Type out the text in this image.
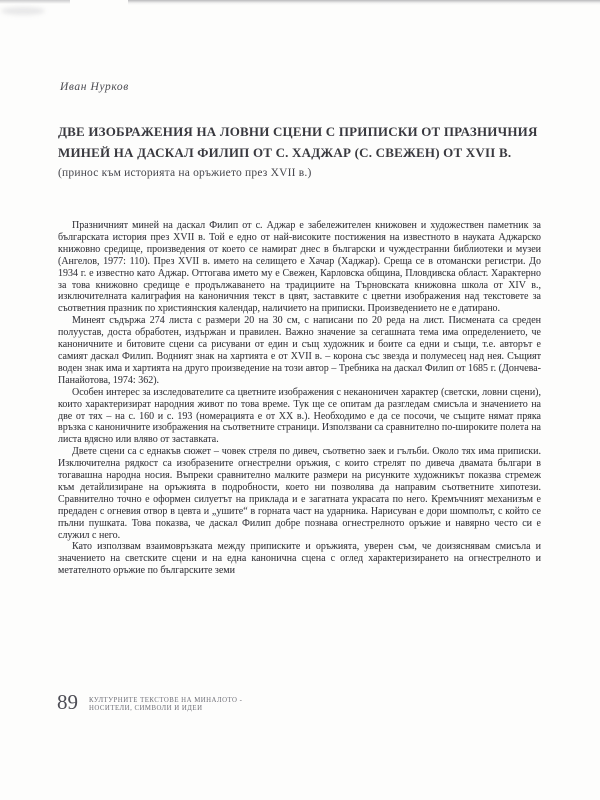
Иван Нурков
ДВЕ ИЗОБРАЖЕНИЯ НА ЛОВНИ СЦЕНИ С ПРИПИСКИ ОТ ПРАЗНИЧНИЯ
МИНЕЙ НА ДАСКАЛ ФИЛИП ОТ С. ХАДЖАР (С. СВЕЖЕН) ОТ XVII В.
(принос към историята на оръжието през XVII в.)

Празничният миней на даскал Филип от с. Аджар е забележителен книжовен и художествен паметник за българската история през XVII в. Той е едно от най-високите постижения на известното в науката Аджарско книжовно средище, произведения от което се намират днес в български и чуждестранни библиотеки и музеи (Ангелов, 1977: 110). През XVII в. името на селището е Хачар (Хаджар). Среща се в отомански регистри. До 1934 г. е известно като Аджар. Оттогава името му е Свежен, Карловска община, Пловдивска област. Характерно за това книжовно средище е продължаването на традициите на Търновската книжовна школа от XIV в., изключителната калиграфия на каноничния текст в цвят, заставките с цветни изображения над текстовете за съответния празник по християнския календар, наличието на приписки. Произведението не е датирано.

Минеят съдържа 274 листа с размери 20 на 30 см, с написани по 20 реда на лист. Писмената са среден полуустав, доста обработен, издържан и правилен. Важно значение за сегашната тема има определението, че каноничните и битовите сцени са рисувани от един и същ художник и боите са едни и същи, т.е. авторът е самият даскал Филип. Водният знак на хартията е от XVII в. – корона със звезда и полумесец над нея. Същият воден знак има и хартията на друго произведение на този автор – Требника на даскал Филип от 1685 г. (Дончева-Панайотова, 1974: 362).

Особен интерес за изследователите са цветните изображения с неканоничен характер (светски, ловни сцени), които характеризират народния живот по това време. Тук ще се опитам да разгледам смисъла и значението на две от тях – на с. 160 и с. 193 (номерацията е от XX в.). Необходимо е да се посочи, че същите нямат пряка връзка с каноничните изображения на съответните страници. Използвани са сравнително по-широките полета на листа вдясно или вляво от заставката.

Двете сцени са с еднакъв сюжет – човек стреля по дивеч, съответно заек и гълъби. Около тях има приписки. Изключителна рядкост са изобразените огнестрелни оръжия, с които стрелят по дивеча двамата българи в тогавашна народна носия. Въпреки сравнително малките размери на рисунките художникът показва стремеж към детайлизиране на оръжията в подробности, което ни позволява да направим съответните хипотези. Сравнително точно е оформен силуетът на приклада и е загатната украсата по него. Кремъчният механизъм е предаден с огневия отвор в цевта и „ушите“ в горната част на ударника. Нарисуван е дори шомполът, с който се пълни пушката. Това показва, че даскал Филип добре познава огнестрелното оръжие и навярно често си е служил с него.

Като използвам взаимовръзката между приписките и оръжията, уверен съм, че доизяснявам смисъла и значението на светските сцени и на една канонична сцена с оглед характеризирането на огнестрелното и метателното оръжие по българските земи

89 КУЛТУРНИТЕ ТЕКСТОВЕ НА МИНАЛОТО -
НОСИТЕЛИ, СИМВОЛИ И ИДЕИ
